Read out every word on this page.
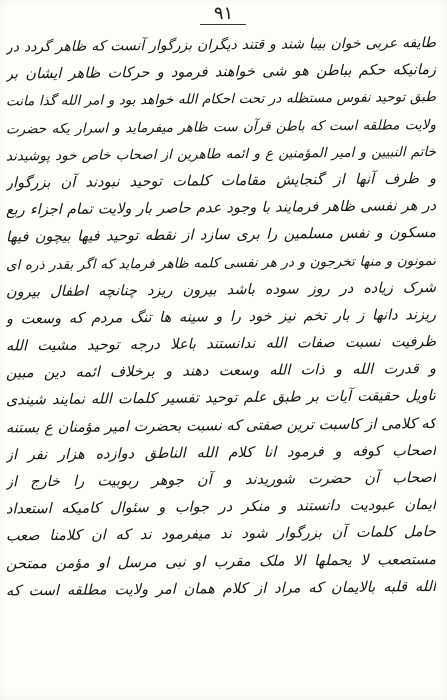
۹۱
طایفه عربی خوان بیبا شند و قتند دیگران بزرگوار آنست که ظاهر گردد در
زمانیکه حکم بباطن هو شی خواهند فرمود و حرکات ظاهر ایشان بر
طبق توحید نفوس مستظله در تحت احکام الله خواهد بود و امر الله گذا مانت
ولایت مطلقه است که باطن قرآن ست ظاهر میفرماید و اسرار یکه حضرت
خاتم النبیین و امیر المؤمنین ع و ائمه طاهرین از اصحاب خاص خود پوشیدند
و ظرف آنها از گنجایش مقامات کلمات توحید نبودند آن بزرگوار
در هر نفسی ظاهر فرمایند با وجود عدم حاصر بار ولایت تمام اجزاء ربع
مسکون و نفس مسلمین را بری سازد از نقطه توحید فیها بیچون فیها
تمونون و منها تخرجون و در هر نفسی کلمه ظاهر فرماید که اگر بقدر ذره ای
شرک زیاده در روز سوده باشد بیرون ریزد چنانچه اطفال بیرون
ریزند دانها ز بار تخم نیز خود را و سینه ها تنگ مردم که وسعت و
ظرفیت نسبت صفات الله ندانستند باعلا درجه توحید مشیت الله
و قدرت الله و ذات الله وسعت دهند و برخلاف ائمه دین مبین
تاویل حقیقت آیات بر طبق علم توحید تفسیر کلمات الله نمایند شیندی
که کلامی از کاسبت ترین صفتی که نسبت بحضرت امیر مؤمنان ع بستنه
اصحاب کوفه و فرمود انا کلام الله الناطق دوازده هزار نفر از
اصحاب آن حضرت شوریدند و آن جوهر ربوبیت را خارج از
ایمان عبودیت دانستند و منکر در جواب و سئوال کامیکه استعداد
حامل کلمات آن بزرگوار شود ند میفرمود ند که ان کلامنا صعب
مستصعب لا یحملها الا ملک مقرب او نبی مرسل او مؤمن ممتحن
الله قلبه بالایمان که مراد از کلام همان امر ولایت مطلقه است که
